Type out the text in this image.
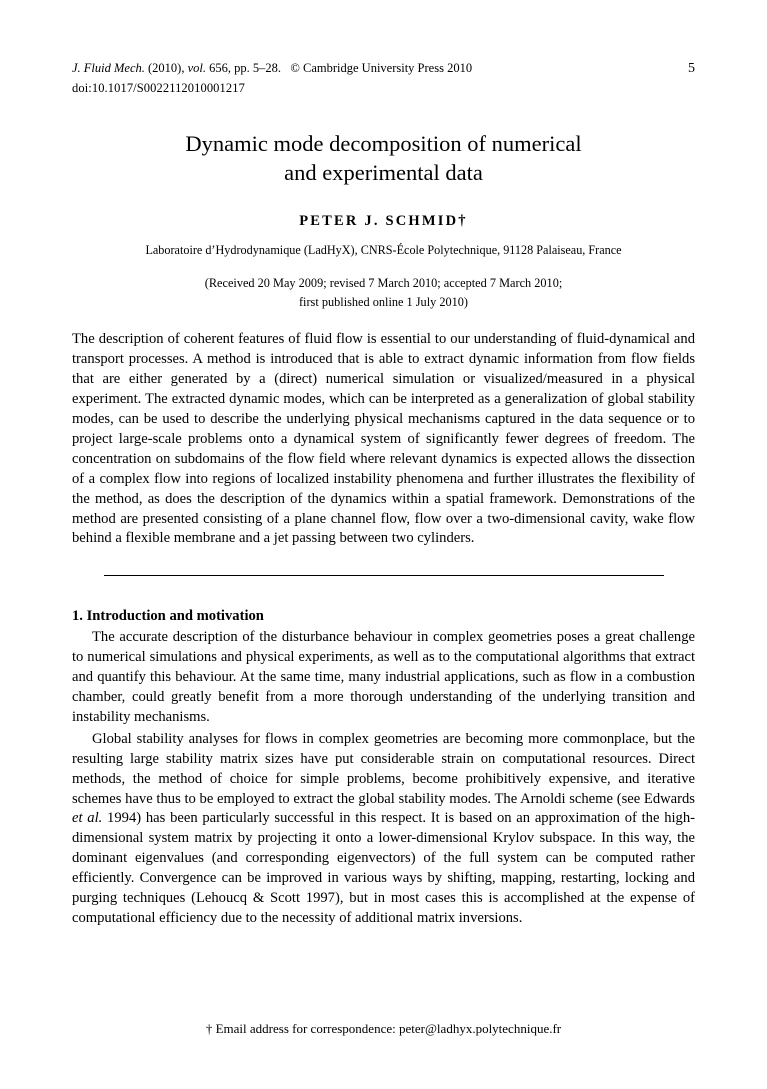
J. Fluid Mech. (2010), vol. 656, pp. 5–28. © Cambridge University Press 2010	5
doi:10.1017/S0022112010001217
Dynamic mode decomposition of numerical
and experimental data
PETER J. SCHMID†
Laboratoire d’Hydrodynamique (LadHyX), CNRS-École Polytechnique, 91128 Palaiseau, France
(Received 20 May 2009; revised 7 March 2010; accepted 7 March 2010;
first published online 1 July 2010)
The description of coherent features of fluid flow is essential to our understanding of fluid-dynamical and transport processes. A method is introduced that is able to extract dynamic information from flow fields that are either generated by a (direct) numerical simulation or visualized/measured in a physical experiment. The extracted dynamic modes, which can be interpreted as a generalization of global stability modes, can be used to describe the underlying physical mechanisms captured in the data sequence or to project large-scale problems onto a dynamical system of significantly fewer degrees of freedom. The concentration on subdomains of the flow field where relevant dynamics is expected allows the dissection of a complex flow into regions of localized instability phenomena and further illustrates the flexibility of the method, as does the description of the dynamics within a spatial framework. Demonstrations of the method are presented consisting of a plane channel flow, flow over a two-dimensional cavity, wake flow behind a flexible membrane and a jet passing between two cylinders.
1. Introduction and motivation
The accurate description of the disturbance behaviour in complex geometries poses a great challenge to numerical simulations and physical experiments, as well as to the computational algorithms that extract and quantify this behaviour. At the same time, many industrial applications, such as flow in a combustion chamber, could greatly benefit from a more thorough understanding of the underlying transition and instability mechanisms.
Global stability analyses for flows in complex geometries are becoming more commonplace, but the resulting large stability matrix sizes have put considerable strain on computational resources. Direct methods, the method of choice for simple problems, become prohibitively expensive, and iterative schemes have thus to be employed to extract the global stability modes. The Arnoldi scheme (see Edwards et al. 1994) has been particularly successful in this respect. It is based on an approximation of the high-dimensional system matrix by projecting it onto a lower-dimensional Krylov subspace. In this way, the dominant eigenvalues (and corresponding eigenvectors) of the full system can be computed rather efficiently. Convergence can be improved in various ways by shifting, mapping, restarting, locking and purging techniques (Lehoucq & Scott 1997), but in most cases this is accomplished at the expense of computational efficiency due to the necessity of additional matrix inversions.
† Email address for correspondence: peter@ladhyx.polytechnique.fr
